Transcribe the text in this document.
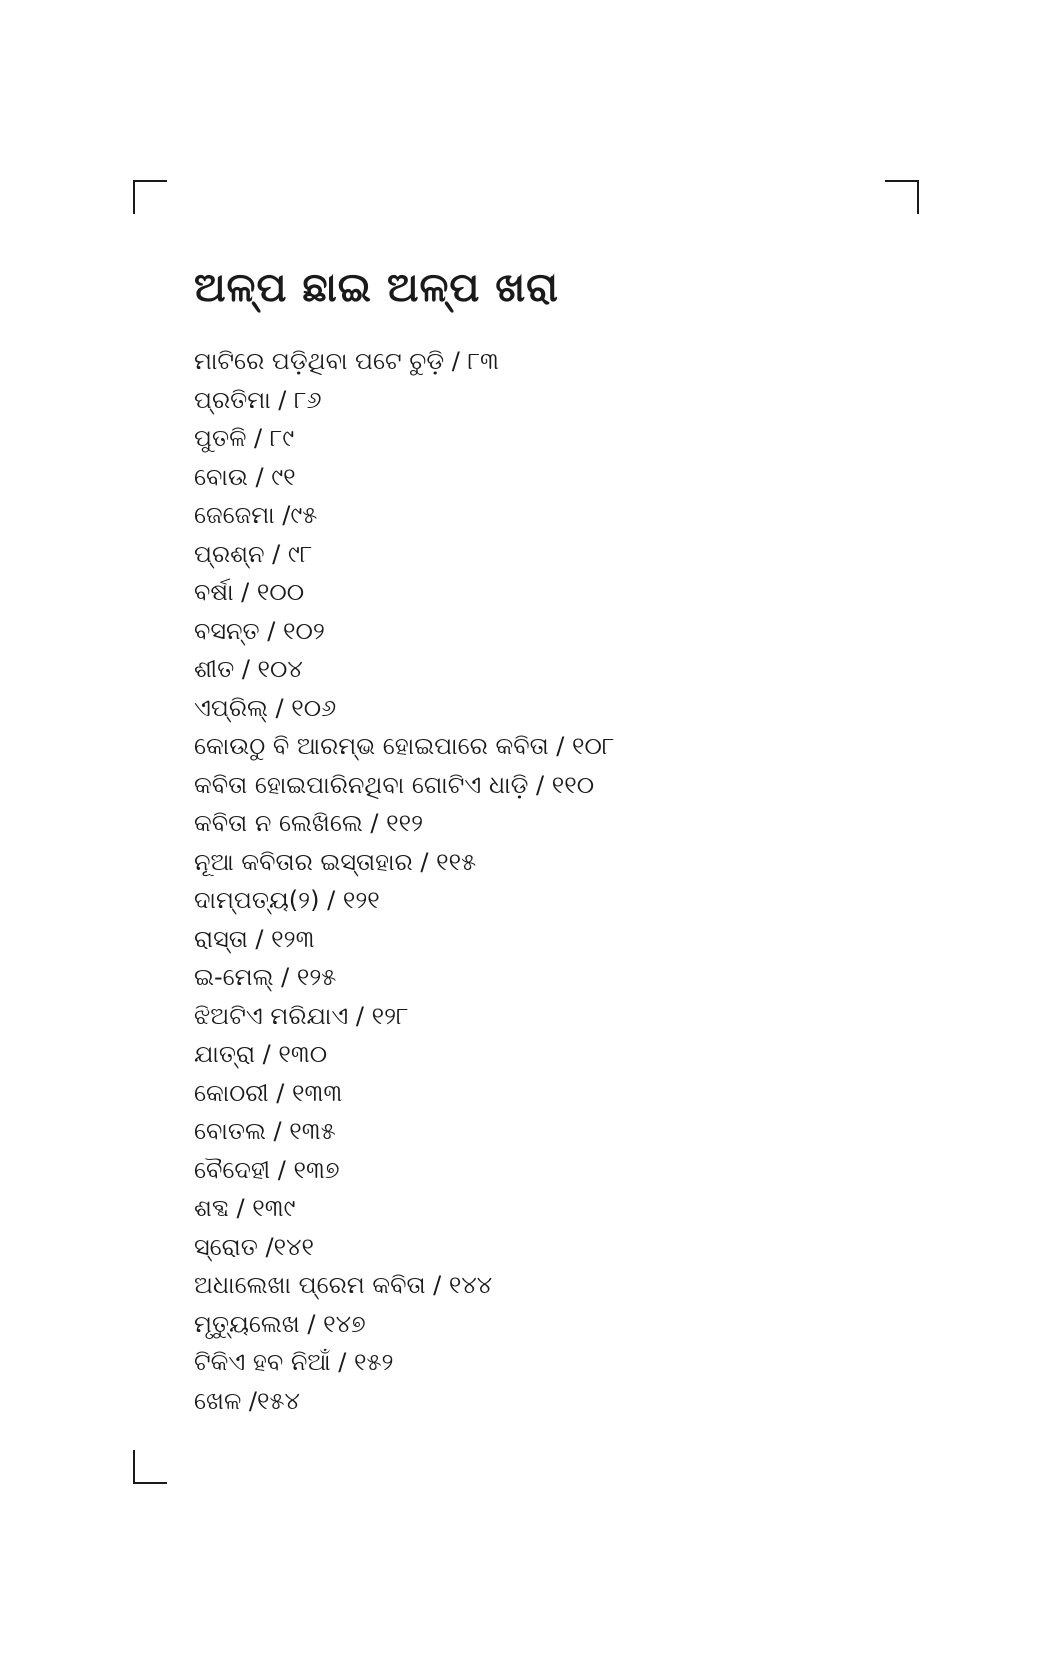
ଅଳ୍ପ ଛାଇ ଅଳ୍ପ ଖରା
ମାଟିରେ ପଡ଼ିଥିବା ପଟେ ଚୁଡ଼ି / ୮୩
ପ୍ରତିମା / ୮୬
ପୁତଳି / ୮୯
ବୋଉ / ୯୧
ଜେଜେମା /୯୫
ପ୍ରଶ୍ନ / ୯୮
ବର୍ଷା / ୧୦୦
ବସନ୍ତ / ୧୦୨
ଶୀତ / ୧୦୪
ଏପ୍ରିଲ୍ / ୧୦୬
କୋଉଠୁ ବି ଆରମ୍ଭ ହୋଇପାରେ କବିତା / ୧୦୮
କବିତା ହୋଇପାରିନଥିବା ଗୋଟିଏ ଧାଡ଼ି / ୧୧୦
କବିତା ନ ଲେଖିଲେ / ୧୧୨
ନୂଆ କବିତାର ଇସ୍ତାହାର / ୧୧୫
ଦାମ୍ପତ୍ୟ(୨) / ୧୨୧
ରାସ୍ତା / ୧୨୩
ଇ-ମେଲ୍ / ୧୨୫
ଝିଅଟିଏ ମରିଯାଏ / ୧୨୮
ଯାତ୍ରା / ୧୩୦
କୋଠରୀ / ୧୩୩
ବୋତଲ / ୧୩୫
ବୈଦେହୀ / ୧୩୭
ଶବ୍ଦ / ୧୩୯
ସ୍ରୋତ /୧୪୧
ଅଧାଲେଖା ପ୍ରେମ କବିତା / ୧୪୪
ମୃତ୍ୟୁଲେଖ / ୧୪୭
ଟିକିଏ ହବ ନିଆଁ / ୧୫୨
ଖେଳ /୧୫୪
